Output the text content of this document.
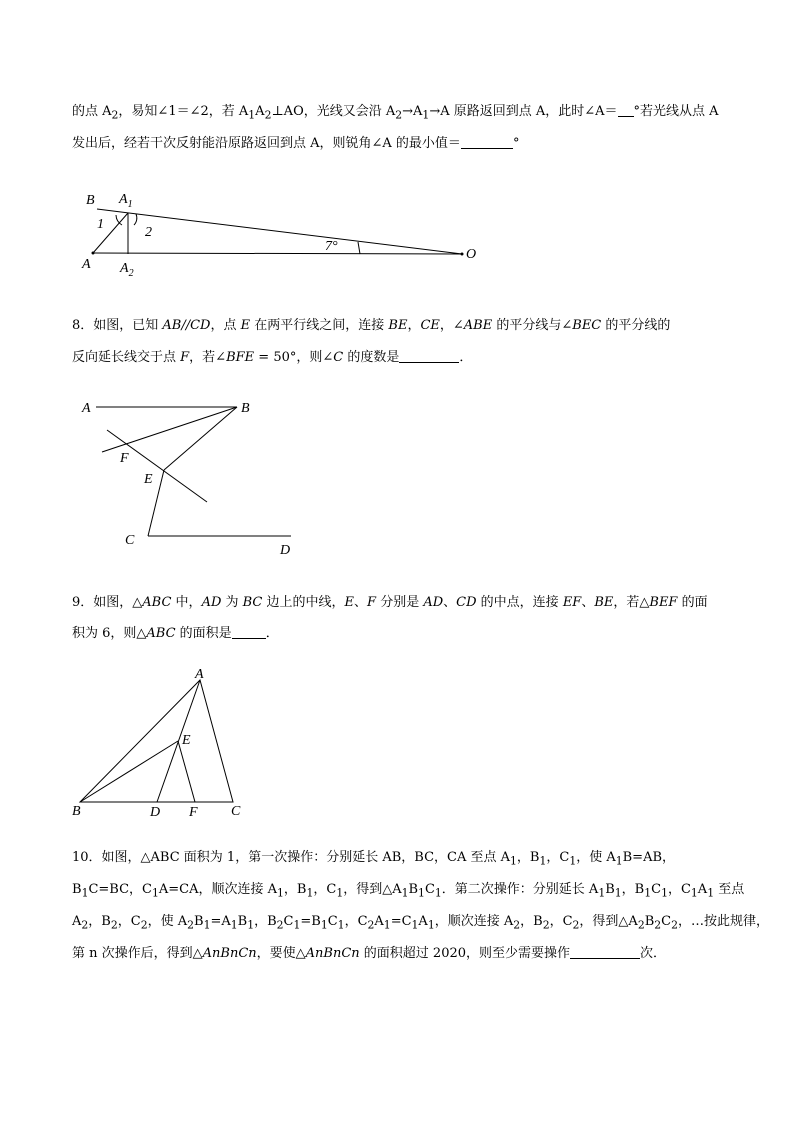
的点 $A_2$，易知∠1＝∠2，若 $A_1A_2\perp AO$，光线又会沿 $A_2\to A_1\to A$ 原路返回到点 A，此时∠A＝ °若光线从点 A
发出后，经若干次反射能沿原路返回到点 A，则锐角∠A 的最小值＝	°
B $A_1$
1
2
A $A_2$
7°
O
8．如图，已知 AB//CD，点 E 在两平行线之间，连接 BE，CE，∠ABE 的平分线与∠BEC 的平分线的
反向延长线交于点 F，若∠BFE = 50°，则∠C 的度数是	．
A	B
F
E
C
D
9．如图，△ABC 中，AD 为 BC 边上的中线，E、F 分别是 AD、CD 的中点，连接 EF、BE，若△BEF 的面
积为 6，则△ABC 的面积是	．
A
E
B	D F C
10．如图，△ABC 面积为 1，第一次操作：分别延长 AB，BC，CA 至点 $A_1$，$B_1$，$C_1$，使 $A_1B=AB$，
$B_1C=BC$，$C_1A=CA$，顺次连接 $A_1$，$B_1$，$C_1$，得到$\triangle A_1B_1C_1$．第二次操作：分别延长 $A_1B_1$，$B_1C_1$，$C_1A_1$ 至点
$A_2$，$B_2$，$C_2$，使 $A_2B_1=A_1B_1$，$B_2C_1=B_1C_1$，$C_2A_1=C_1A_1$，顺次连接 $A_2$，$B_2$，$C_2$，得到$\triangle A_2B_2C_2$，…按此规律，
第 n 次操作后，得到△AnBnCn，要使△AnBnCn 的面积超过 2020，则至少需要操作	次．
